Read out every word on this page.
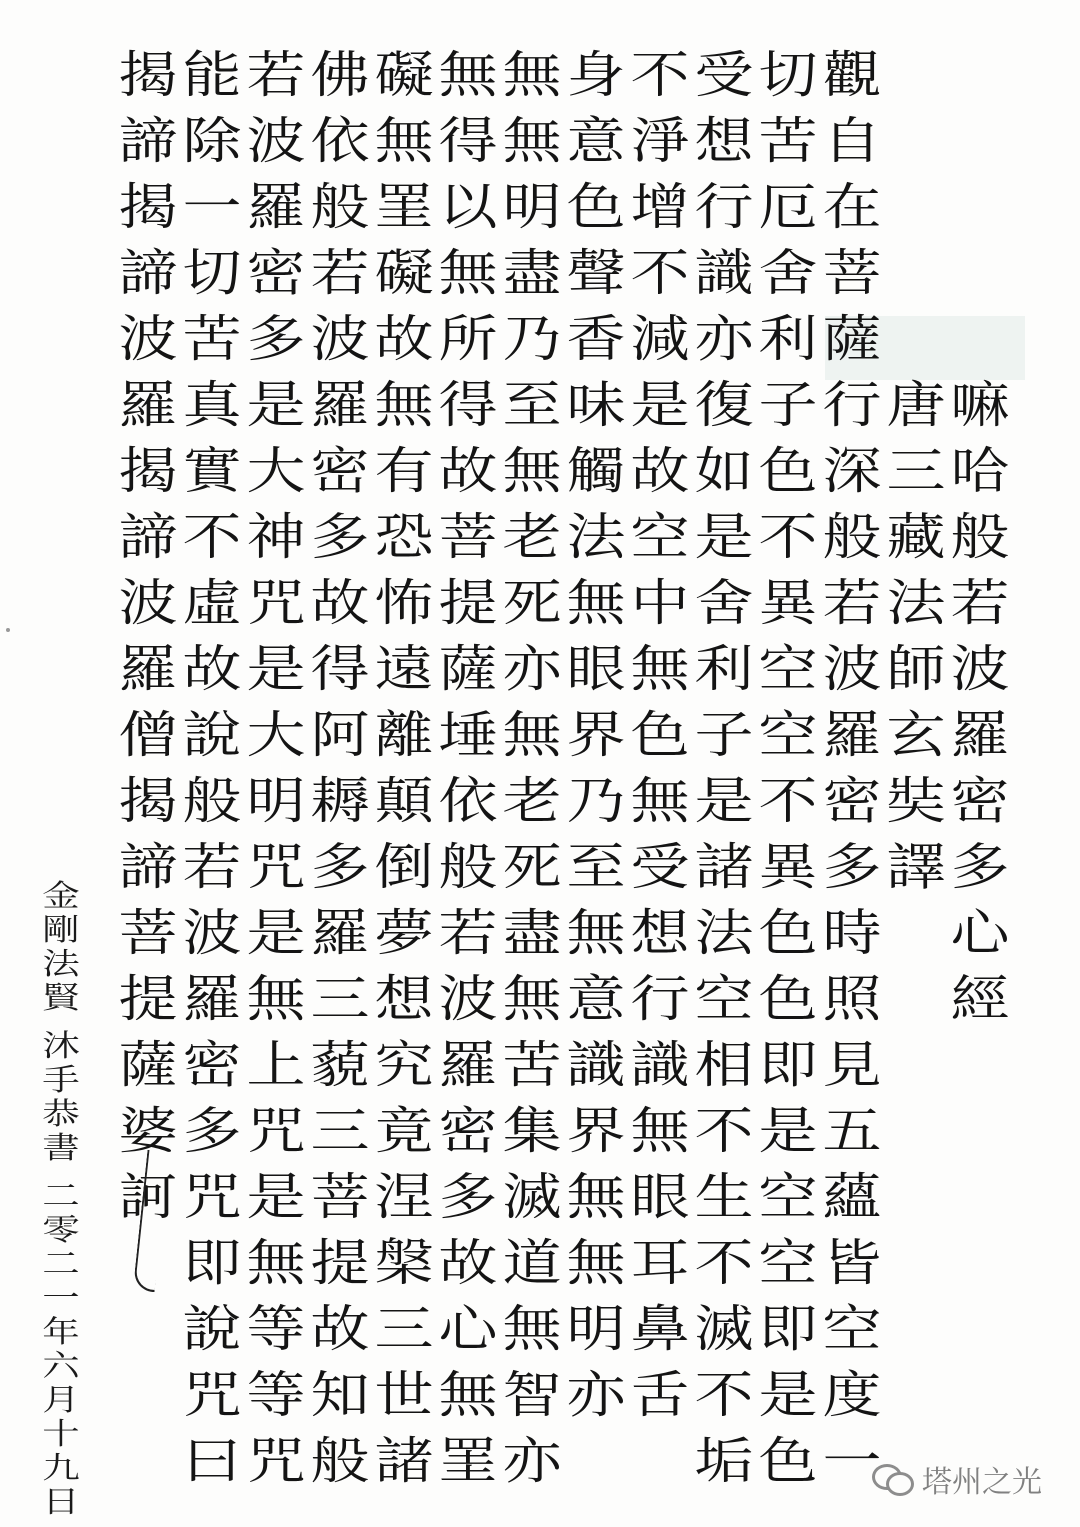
嘛
哈
般
若
波
羅
密
多
心
經
唐
三
藏
法
師
玄
奘
譯
觀
自
在
菩
薩
行
深
般
若
波
羅
密
多
時
照
見
五
蘊
皆
空
度
一
切
苦
厄
舍
利
子
色
不
異
空
空
不
異
色
色
即
是
空
空
即
是
色
受
想
行
識
亦
復
如
是
舍
利
子
是
諸
法
空
相
不
生
不
滅
不
垢
不
淨
增
不
減
是
故
空
中
無
色
無
受
想
行
識
無
眼
耳
鼻
舌
身
意
色
聲
香
味
觸
法
無
眼
界
乃
至
無
意
識
界
無
無
明
亦
無
無
明
盡
乃
至
無
老
死
亦
無
老
死
盡
無
苦
集
滅
道
無
智
亦
無
得
以
無
所
得
故
菩
提
薩
埵
依
般
若
波
羅
密
多
故
心
無
罣
礙
無
罣
礙
故
無
有
恐
怖
遠
離
顛
倒
夢
想
究
竟
涅
槃
三
世
諸
佛
依
般
若
波
羅
密
多
故
得
阿
耨
多
羅
三
藐
三
菩
提
故
知
般
若
波
羅
密
多
是
大
神
咒
是
大
明
咒
是
無
上
咒
是
無
等
等
咒
能
除
一
切
苦
真
實
不
虛
故
說
般
若
波
羅
密
多
咒
即
說
咒
曰
揭
諦
揭
諦
波
羅
揭
諦
波
羅
僧
揭
諦
菩
提
薩
婆
訶
金
剛
法
賢
沐
手
恭
書
二
零
二
一
年
六
月
十
九
日
塔州之光
